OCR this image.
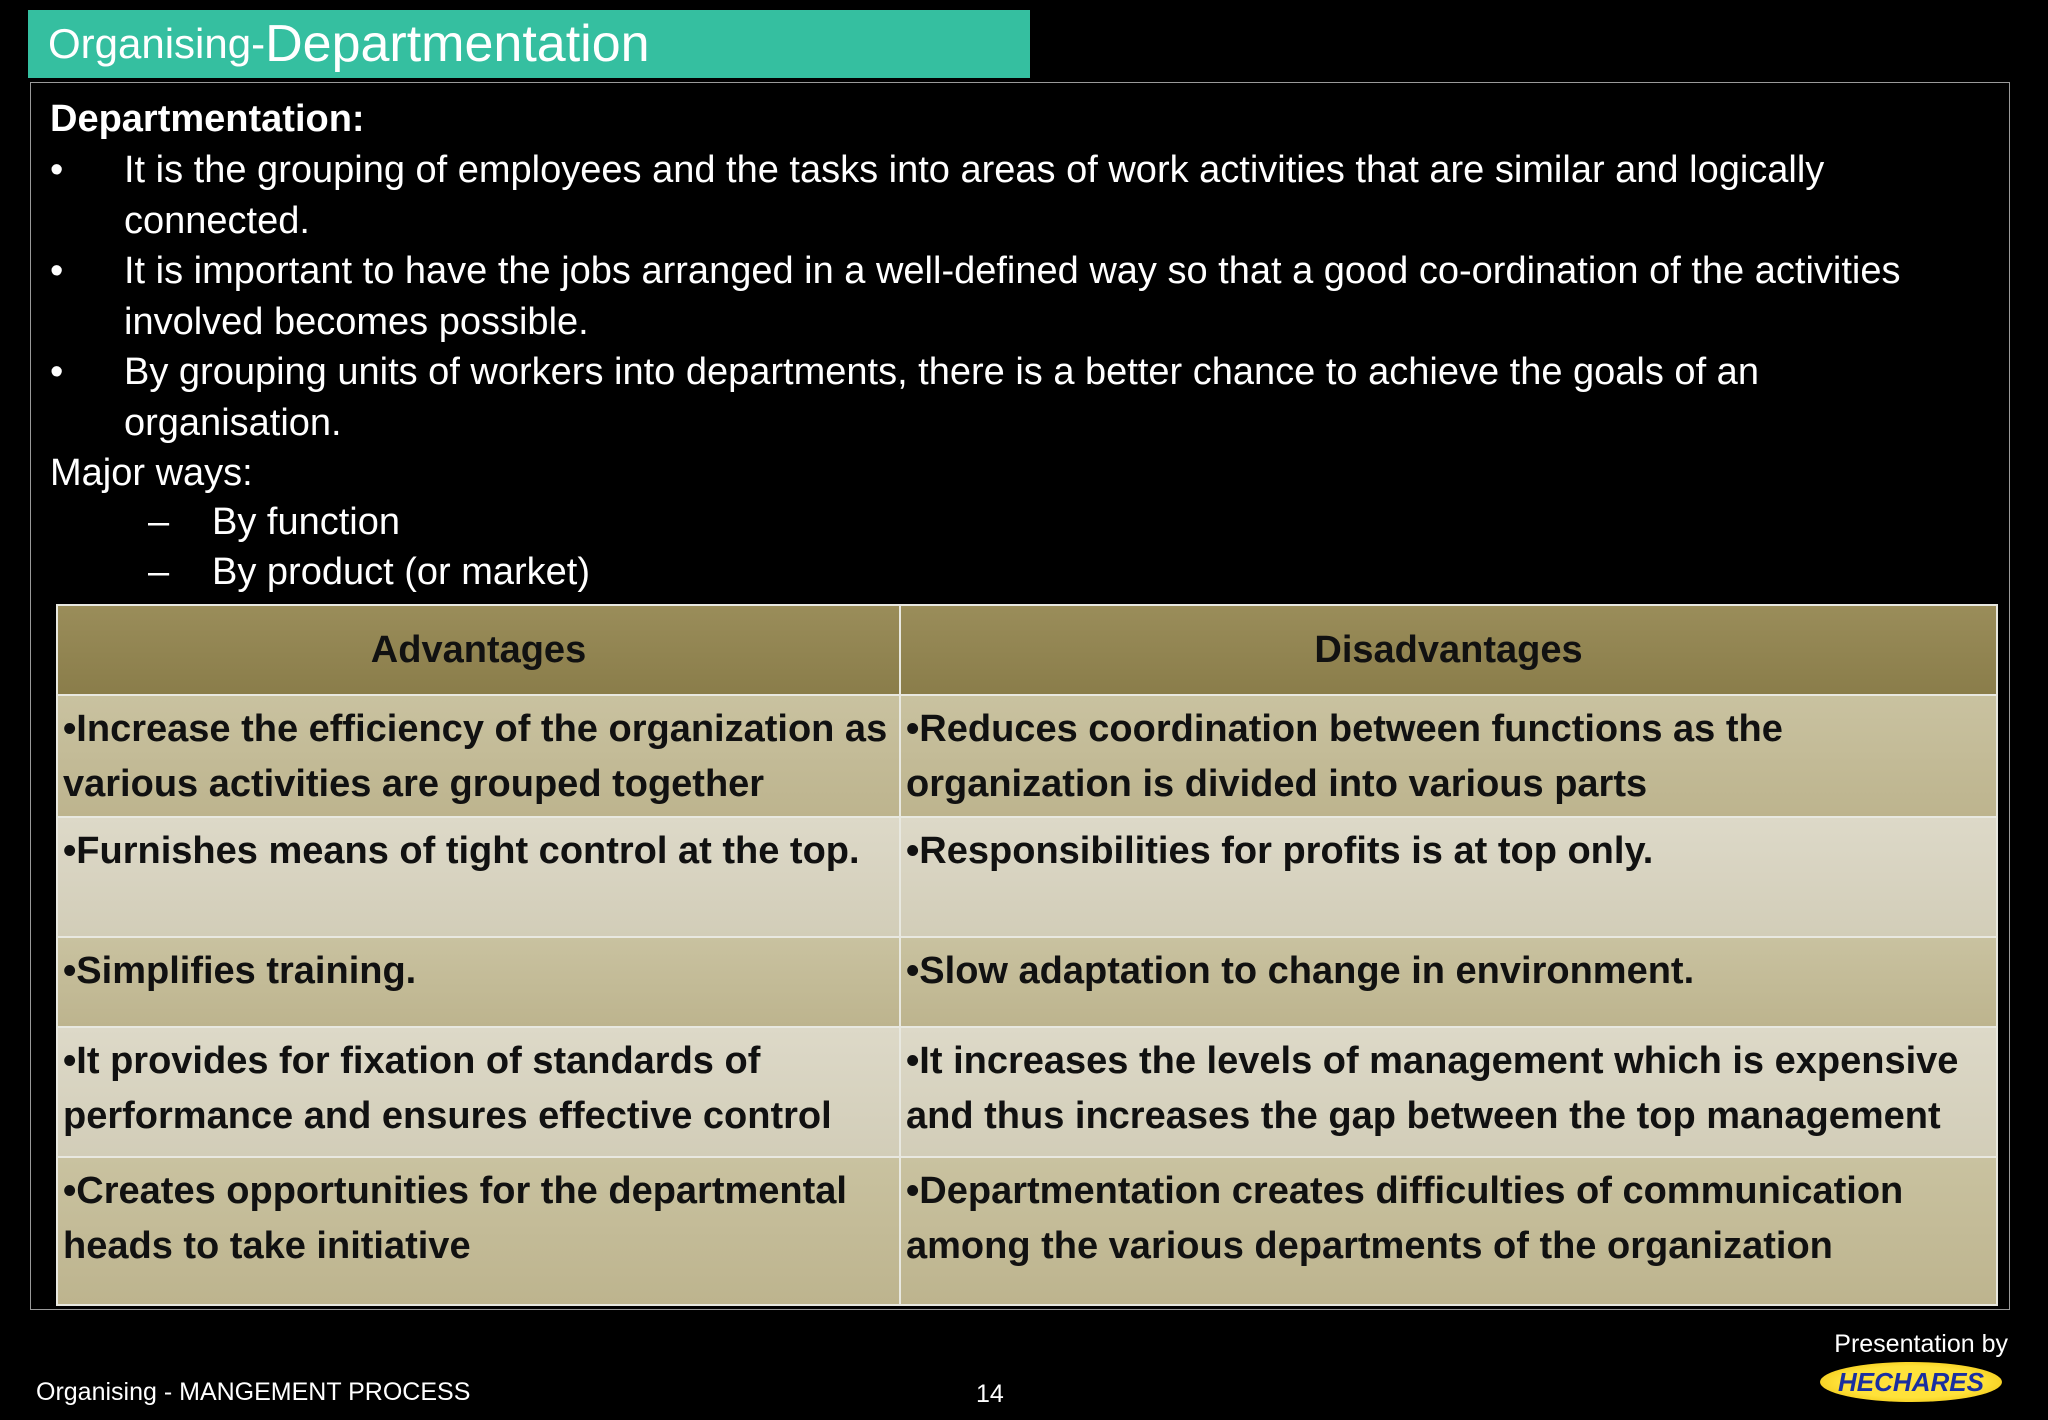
Organising- Departmentation
Departmentation:
• It is the grouping of employees and the tasks into areas of work activities that are similar and logically connected.
• It is important to have the jobs arranged in a well-defined way so that a good co-ordination of the activities involved becomes possible.
• By grouping units of workers into departments, there is a better chance to achieve the goals of an organisation.
Major ways:
– By function
– By product (or market)
Advantages	Disadvantages
•Increase the efficiency of the organization as various activities are grouped together	•Reduces coordination between functions as the organization is divided into various parts
•Furnishes means of tight control at the top.	•Responsibilities for profits is at top only.
•Simplifies training.	•Slow adaptation to change in environment.

•It provides for fixation of standards of performance and ensures effective control	•It increases the levels of management which is expensive and thus increases the gap between the top management

•Creates opportunities for the departmental heads to take initiative	•Departmentation creates difficulties of communication among the various departments of the organization
Organising - MANGEMENT PROCESS	14
Presentation by
HECHARES
